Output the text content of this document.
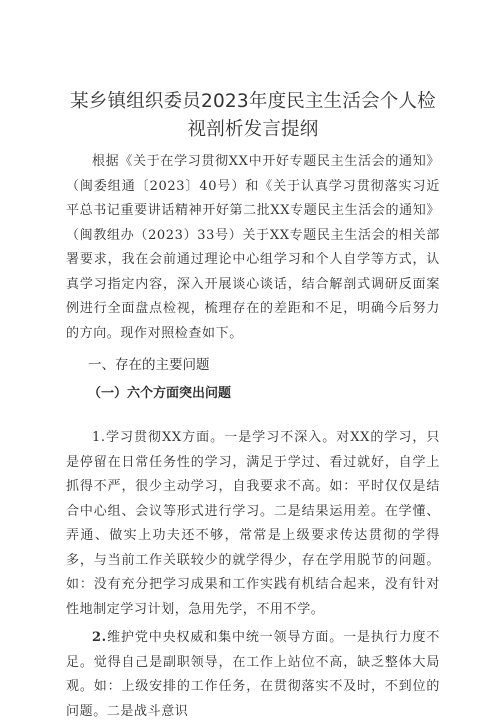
某乡镇组织委员2023年度民主生活会个人检
视剖析发言提纲

根据《关于在学习贯彻XX中开好专题民主生活会的通知》（闽委组通〔2023〕40号）和《关于认真学习贯彻落实习近平总书记重要讲话精神开好第二批XX专题民主生活会的通知》（闽教组办（2023）33号）关于XX专题民主生活会的相关部署要求，我在会前通过理论中心组学习和个人自学等方式，认真学习指定内容，深入开展谈心谈话，结合解剖式调研反面案例进行全面盘点检视，梳理存在的差距和不足，明确今后努力的方向。现作对照检查如下。

一、存在的主要问题
（一）六个方面突出问题

1.学习贯彻XX方面。一是学习不深入。对XX的学习，只是停留在日常任务性的学习，满足于学过、看过就好，自学上抓得不严，很少主动学习，自我要求不高。如：平时仅仅是结合中心组、会议等形式进行学习。二是结果运用差。在学懂、弄通、做实上功夫还不够，常常是上级要求传达贯彻的学得多，与当前工作关联较少的就学得少，存在学用脱节的问题。如：没有充分把学习成果和工作实践有机结合起来，没有针对性地制定学习计划，急用先学，不用不学。

2.维护党中央权威和集中统一领导方面。一是执行力度不足。觉得自己是副职领导，在工作上站位不高，缺乏整体大局观。如：上级安排的工作任务，在贯彻落实不及时，不到位的问题。二是战斗意识
